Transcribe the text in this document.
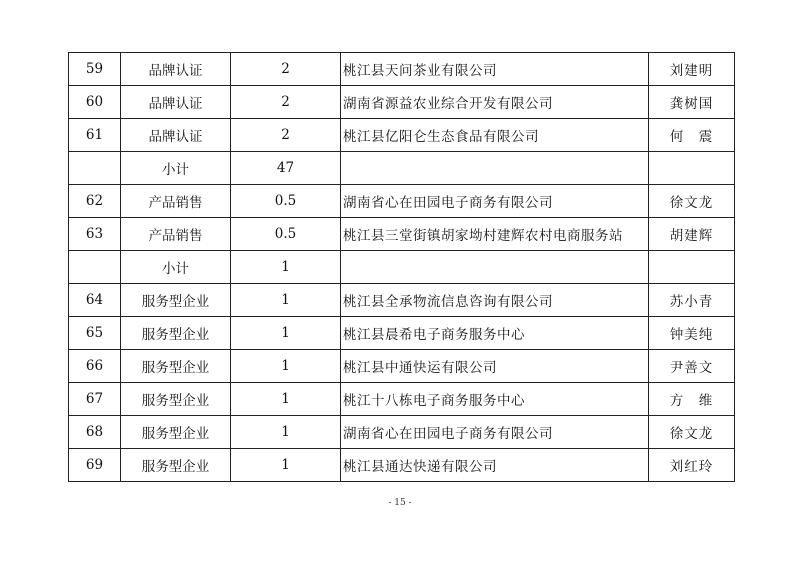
59	品牌认证	2	桃江县天问茶业有限公司	刘建明
60	品牌认证	2	湖南省源益农业综合开发有限公司	龚树国
61	品牌认证	2	桃江县亿阳仑生态食品有限公司	何　震
	小计	47		
62	产品销售	0.5	湖南省心在田园电子商务有限公司	徐文龙
63	产品销售	0.5	桃江县三堂街镇胡家坳村建辉农村电商服务站	胡建辉
	小计	1		
64	服务型企业	1	桃江县全承物流信息咨询有限公司	苏小青
65	服务型企业	1	桃江县晨希电子商务服务中心	钟美纯
66	服务型企业	1	桃江县中通快运有限公司	尹善文
67	服务型企业	1	桃江十八栋电子商务服务中心	方　维
68	服务型企业	1	湖南省心在田园电子商务有限公司	徐文龙
69	服务型企业	1	桃江县通达快递有限公司	刘红玲
- 15 -
